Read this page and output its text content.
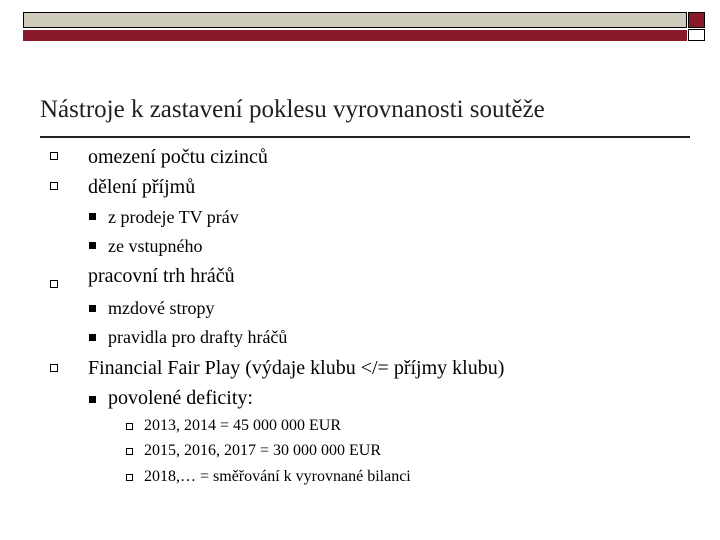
Nástroje k zastavení poklesu vyrovnanosti soutěže
omezení počtu cizinců
dělení příjmů
z prodeje TV práv
ze vstupného
pracovní trh hráčů
mzdové stropy
pravidla pro drafty hráčů
Financial Fair Play (výdaje klubu </= příjmy klubu)
povolené deficity:
2013, 2014 = 45 000 000 EUR
2015, 2016, 2017 = 30 000 000 EUR
2018,… = směřování k vyrovnané bilanci
